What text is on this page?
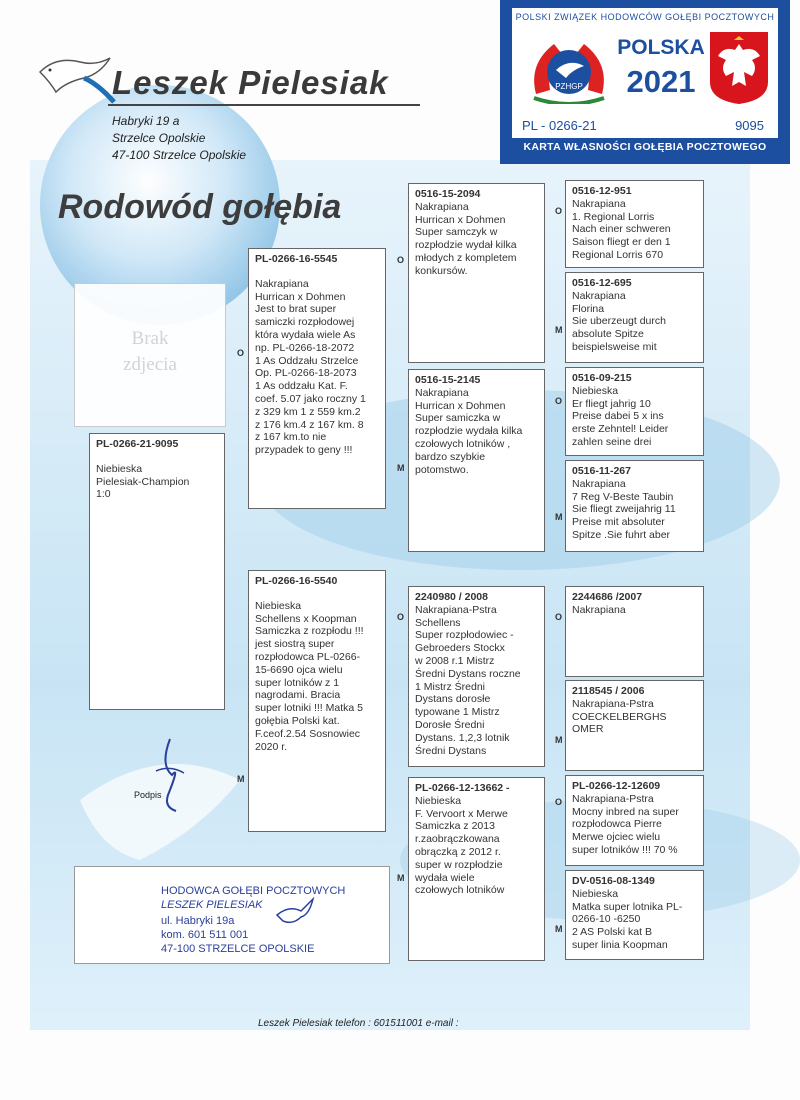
Leszek Pielesiak
Habryki 19 a
Strzelce Opolskie
47-100 Strzelce Opolskie
Rodowód gołębia
Brak
zdjecia
POLSKI ZWIĄZEK HODOWCÓW GOŁĘBI POCZTOWYCH
PZHGP
POLSKA
2021
PL - 0266-21	9095
KARTA WŁASNOŚCI GOŁĘBIA POCZTOWEGO
PL-0266-21-9095
Niebieska
Pielesiak-Champion
1:0
PL-0266-16-5545
Nakrapiana
Hurrican x Dohmen
Jest to brat super
samiczki rozpłodowej
która wydała wiele As
np. PL-0266-18-2072
1 As Oddzału Strzelce
Op. PL-0266-18-2073
1 As oddzału Kat. F.
coef. 5.07 jako roczny 1
z 329 km 1 z 559 km.2
z 176 km.4 z 167 km. 8
z 167 km.to nie
przypadek to geny !!!
PL-0266-16-5540
Niebieska
Schellens x Koopman
Samiczka z rozpłodu !!!
jest siostrą super
rozpłodowca PL-0266-
15-6690 ojca wielu
super lotników z 1
nagrodami. Bracia
super lotniki !!! Matka 5
gołębia Polski kat.
F.ceof.2.54 Sosnowiec
2020 r.
0516-15-2094
Nakrapiana
Hurrican x Dohmen
Super samczyk w
rozpłodzie wydał kilka
młodych z kompletem
konkursów.
0516-15-2145
Nakrapiana
Hurrican x Dohmen
Super samiczka w
rozpłodzie wydała kilka
czołowych lotników ,
bardzo szybkie
potomstwo.
2240980 / 2008
Nakrapiana-Pstra
Schellens
Super rozpłodowiec -
Gebroeders Stockx
w 2008 r.1 Mistrz
Średni Dystans roczne
1 Mistrz Średni
Dystans dorosłe
typowane 1 Mistrz
Dorosłe Średni
Dystans. 1,2,3 lotnik
Średni Dystans
PL-0266-12-13662 -
Niebieska
F. Vervoort x Merwe
Samiczka z 2013
r.zaobrączkowana
obrączką z 2012 r.
super w rozpłodzie
wydała wiele
czołowych lotników
0516-12-951
Nakrapiana
1. Regional Lorris
Nach einer schweren
Saison fliegt er den 1
Regional Lorris 670
0516-12-695
Nakrapiana
Florina
Sie uberzeugt durch
absolute Spitze
beispielsweise mit
0516-09-215
Niebieska
Er fliegt jahrig 10
Preise dabei 5 x ins
erste Zehntel! Leider
zahlen seine drei
0516-11-267
Nakrapiana
7 Reg V-Beste Taubin
Sie fliegt zweijahrig 11
Preise mit absoluter
Spitze .Sie fuhrt aber
2244686 /2007
Nakrapiana
2118545 / 2006
Nakrapiana-Pstra
COECKELBERGHS
OMER
PL-0266-12-12609
Nakrapiana-Pstra
Mocny inbred na super
rozpłodowca Pierre
Merwe ojciec wielu
super lotników !!! 70 %
DV-0516-08-1349
Niebieska
Matka super lotnika PL-
0266-10 -6250
2 AS Polski kat B
super linia Koopman
O
M
O
M
O
M
O
M
O
M
O
M
O
M
Podpis
HODOWCA GOŁĘBI POCZTOWYCH
LESZEK PIELESIAK
ul. Habryki 19a
kom. 601 511 001
47-100 STRZELCE OPOLSKIE
Leszek Pielesiak telefon : 601511001 e-mail :
